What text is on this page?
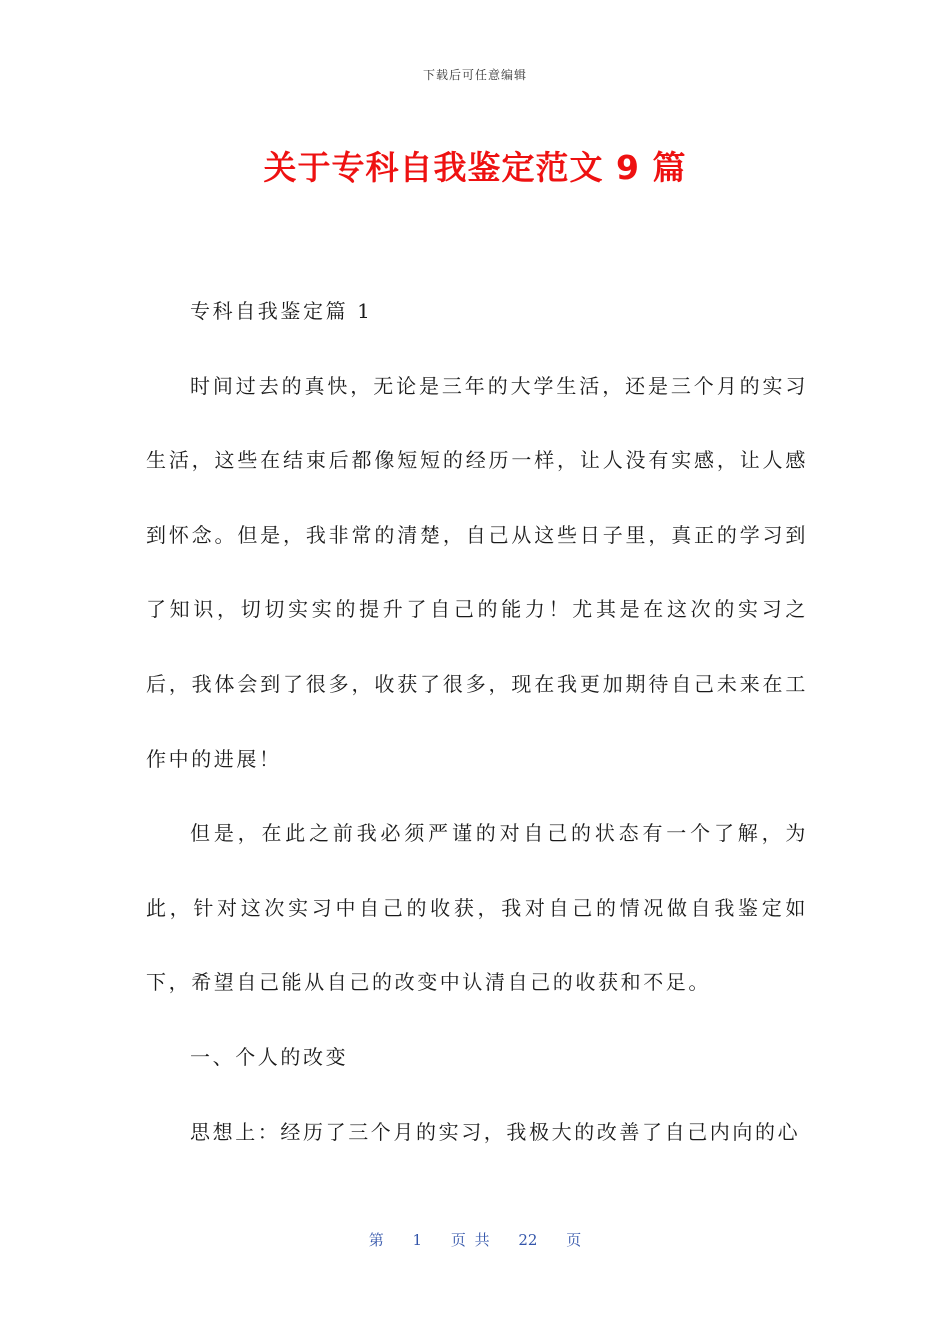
下载后可任意编辑
关于专科自我鉴定范文 9 篇

专科自我鉴定篇 1

时间过去的真快，无论是三年的大学生活，还是三个月的实习生活，这些在结束后都像短短的经历一样，让人没有实感，让人感到怀念。但是，我非常的清楚，自己从这些日子里，真正的学习到了知识，切切实实的提升了自己的能力！尤其是在这次的实习之后，我体会到了很多，收获了很多，现在我更加期待自己未来在工作中的进展！

但是，在此之前我必须严谨的对自己的状态有一个了解，为此，针对这次实习中自己的收获，我对自己的情况做自我鉴定如下，希望自己能从自己的改变中认清自己的收获和不足。

一、个人的改变

思想上：经历了三个月的实习，我极大的改善了自己内向的心

第 1 页 共 22 页
